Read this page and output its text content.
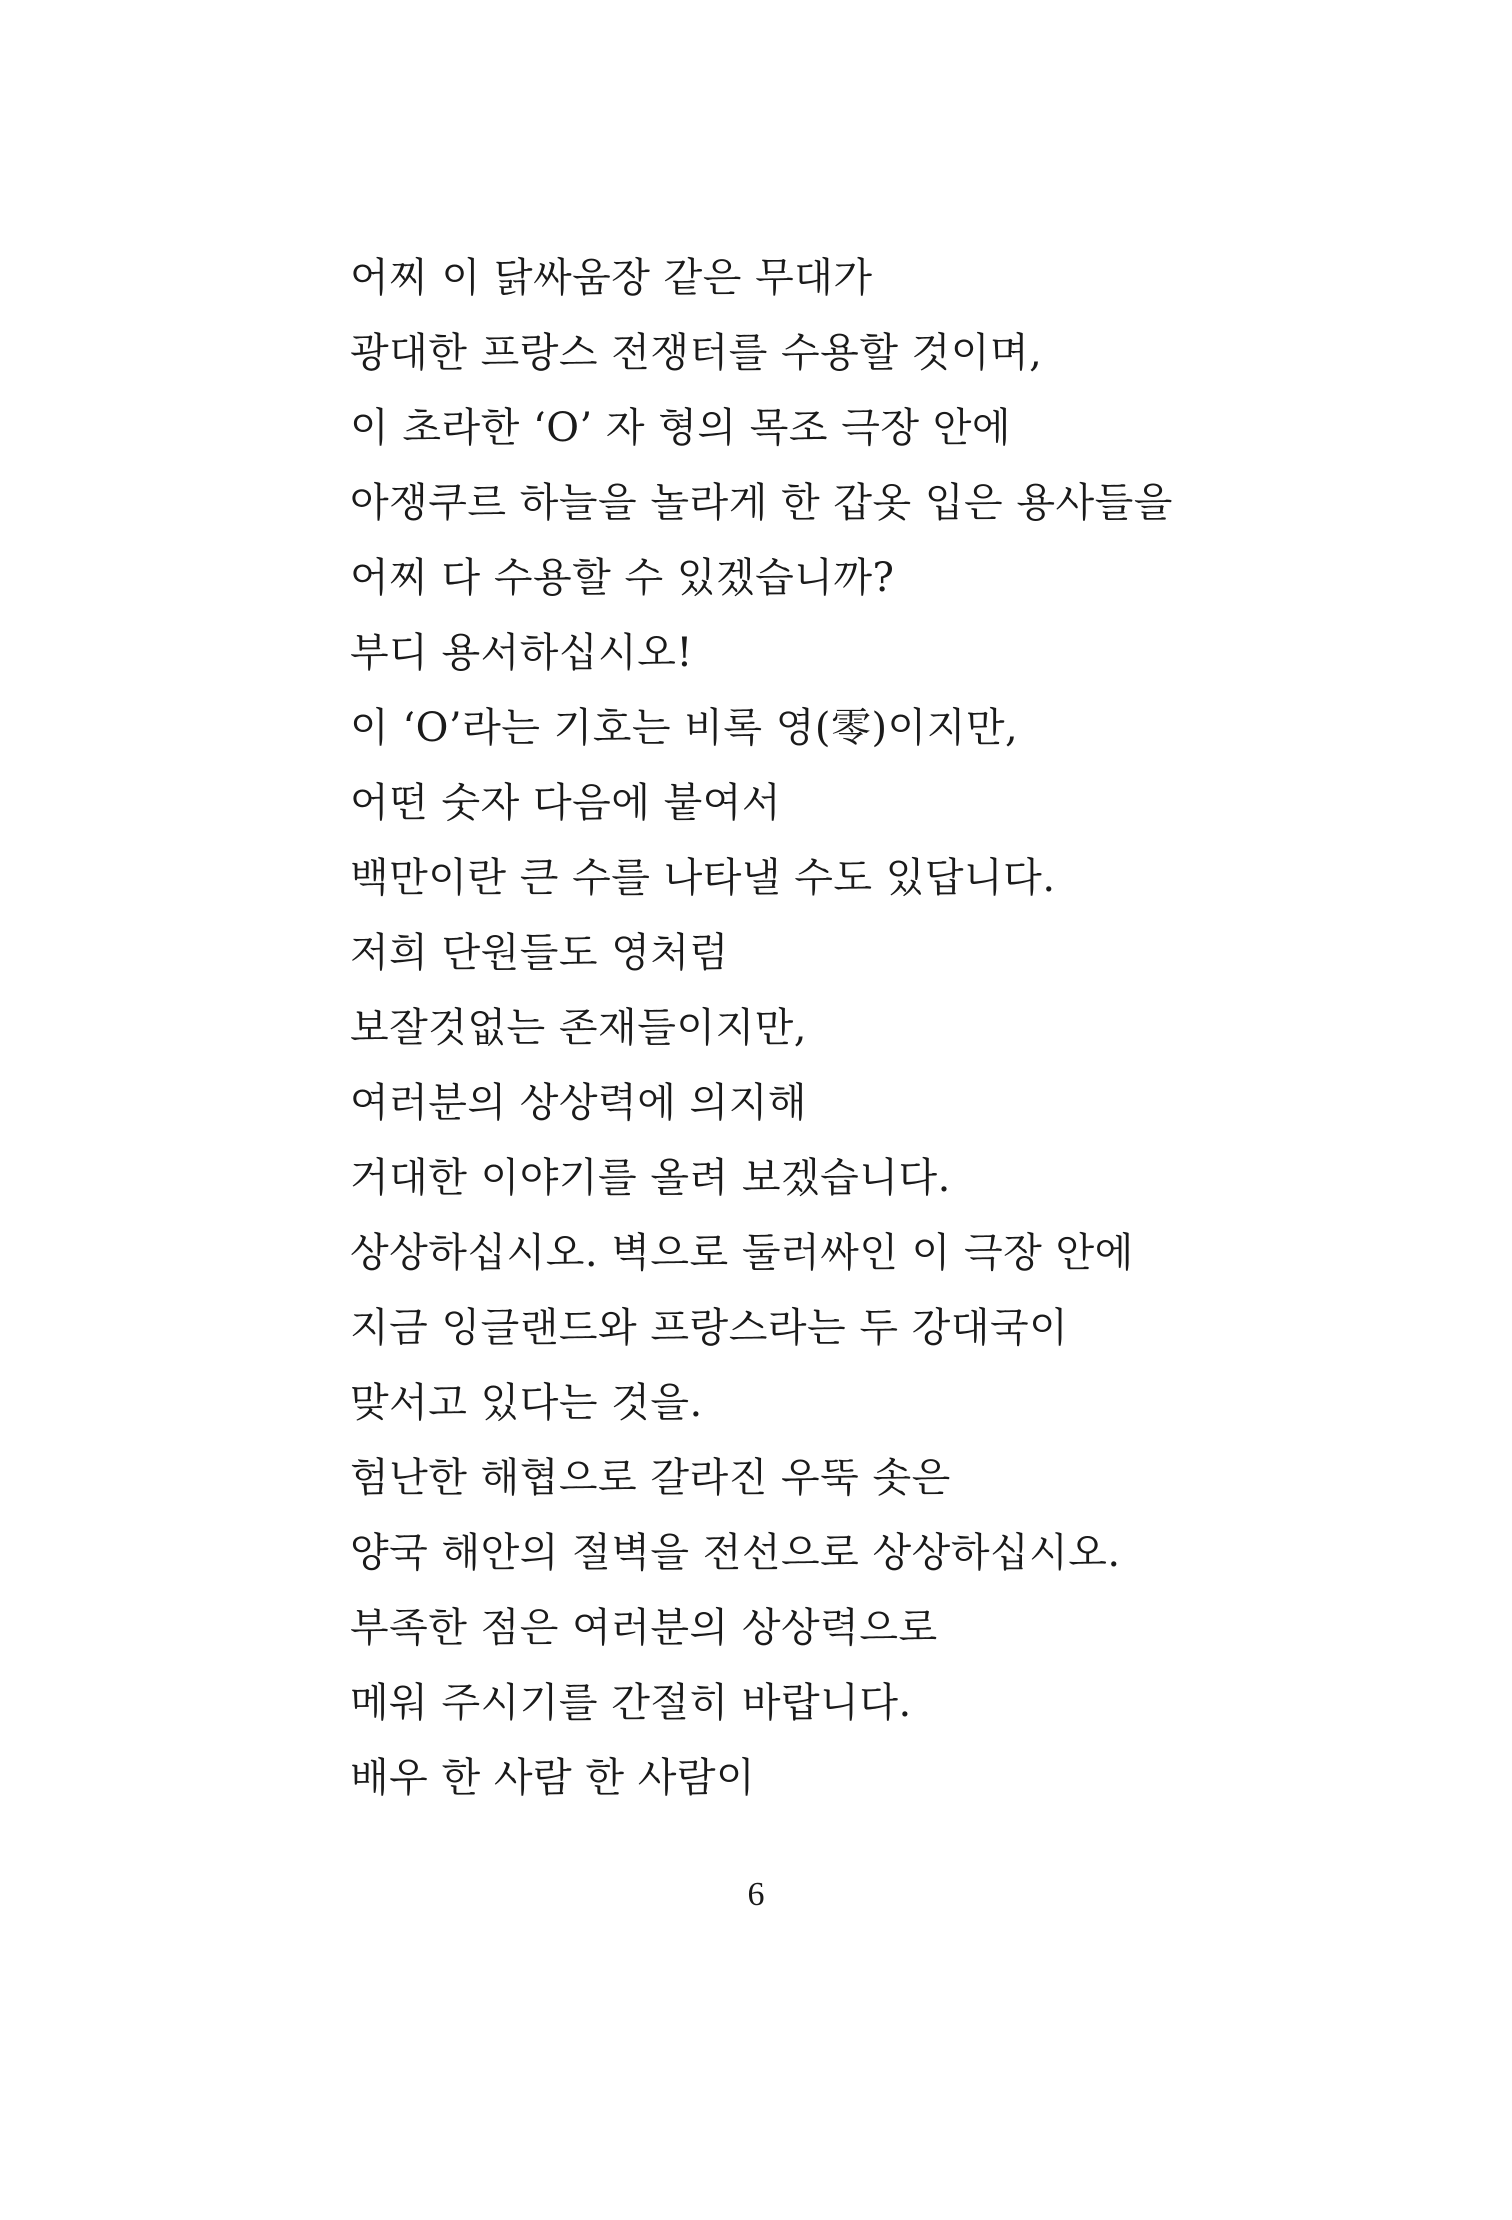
어찌 이 닭싸움장 같은 무대가
광대한 프랑스 전쟁터를 수용할 것이며,
이 초라한 ‘O’ 자 형의 목조 극장 안에
아쟁쿠르 하늘을 놀라게 한 갑옷 입은 용사들을
어찌 다 수용할 수 있겠습니까?
부디 용서하십시오!
이 ‘O’라는 기호는 비록 영(零)이지만,
어떤 숫자 다음에 붙여서
백만이란 큰 수를 나타낼 수도 있답니다.
저희 단원들도 영처럼
보잘것없는 존재들이지만,
여러분의 상상력에 의지해
거대한 이야기를 올려 보겠습니다.
상상하십시오. 벽으로 둘러싸인 이 극장 안에
지금 잉글랜드와 프랑스라는 두 강대국이
맞서고 있다는 것을.
험난한 해협으로 갈라진 우뚝 솟은
양국 해안의 절벽을 전선으로 상상하십시오.
부족한 점은 여러분의 상상력으로
메워 주시기를 간절히 바랍니다.
배우 한 사람 한 사람이
6
